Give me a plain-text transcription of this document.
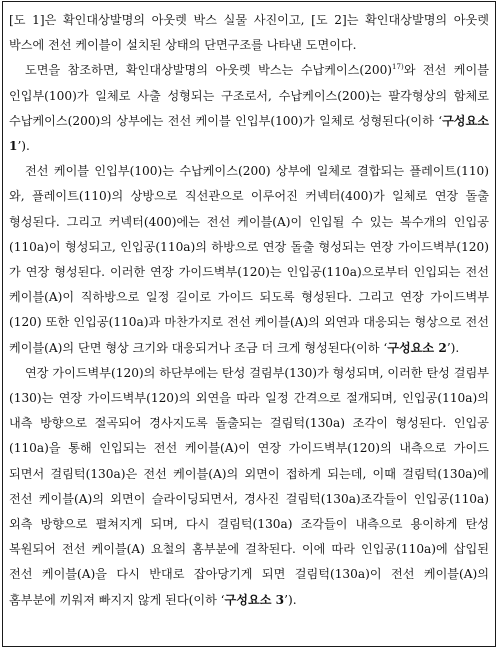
[도 1]은 확인대상발명의 아웃렛 박스 실물 사진이고, [도 2]는 확인대상발명의 아웃렛 박스에 전선 케이블이 설치된 상태의 단면구조를 나타낸 도면이다.

도면을 참조하면, 확인대상발명의 아웃렛 박스는 수납케이스(200)$^{17)}$와 전선 케이블 인입부(100)가 일체로 사출 성형되는 구조로서, 수납케이스(200)는 팔각형상의 함체로 수납케이스(200)의 상부에는 전선 케이블 인입부(100)가 일체로 성형된다(이하 ‘구성요소 1’).

전선 케이블 인입부(100)는 수납케이스(200) 상부에 일체로 결합되는 플레이트(110)와, 플레이트(110)의 상방으로 직선관으로 이루어진 커넥터(400)가 일체로 연장 돌출 형성된다. 그리고 커넥터(400)에는 전선 케이블(A)이 인입될 수 있는 복수개의 인입공(110a)이 형성되고, 인입공(110a)의 하방으로 연장 돌출 형성되는 연장 가이드벽부(120)가 연장 형성된다. 이러한 연장 가이드벽부(120)는 인입공(110a)으로부터 인입되는 전선 케이블(A)이 직하방으로 일정 길이로 가이드 되도록 형성된다. 그리고 연장 가이드벽부(120) 또한 인입공(110a)과 마찬가지로 전선 케이블(A)의 외연과 대응되는 형상으로 전선 케이블(A)의 단면 형상 크기와 대응되거나 조금 더 크게 형성된다(이하 ‘구성요소 2’).

연장 가이드벽부(120)의 하단부에는 탄성 걸림부(130)가 형성되며, 이러한 탄성 걸림부(130)는 연장 가이드벽부(120)의 외연을 따라 일정 간격으로 절개되며, 인입공(110a)의 내측 방향으로 절곡되어 경사지도록 돌출되는 걸림턱(130a) 조각이 형성된다. 인입공(110a)을 통해 인입되는 전선 케이블(A)이 연장 가이드벽부(120)의 내측으로 가이드 되면서 걸림턱(130a)은 전선 케이블(A)의 외면이 접하게 되는데, 이때 걸림턱(130a)에 전선 케이블(A)의 외면이 슬라이딩되면서, 경사진 걸림턱(130a)조각들이 인입공(110a) 외측 방향으로 펼쳐지게 되며, 다시 걸림턱(130a) 조각들이 내측으로 용이하게 탄성 복원되어 전선 케이블(A) 요철의 홈부분에 걸착된다. 이에 따라 인입공(110a)에 삽입된 전선 케이블(A)을 다시 반대로 잡아당기게 되면 걸림턱(130a)이 전선 케이블(A)의 홈부분에 끼워져 빠지지 않게 된다(이하 ‘구성요소 3’).
